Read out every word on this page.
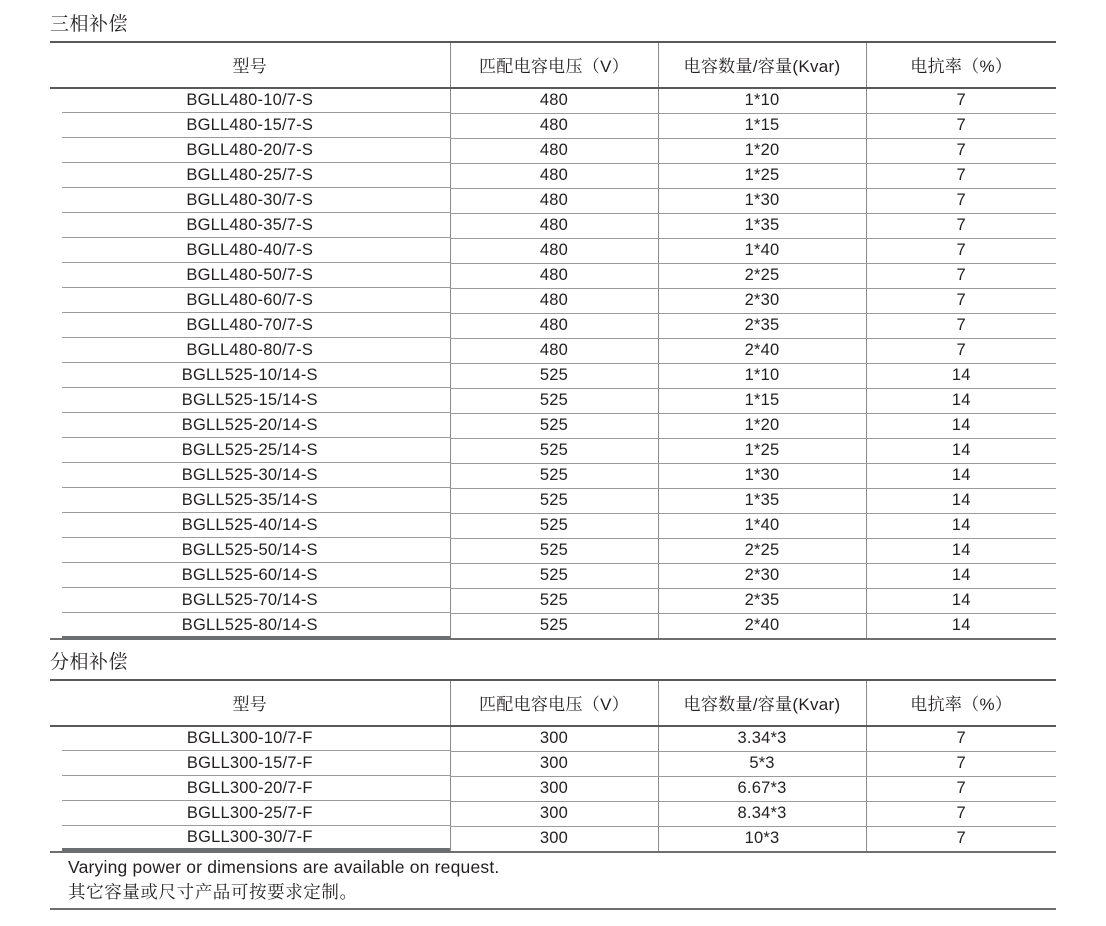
三相补偿
型号	匹配电容电压（V）	电容数量/容量(Kvar)	电抗率（%）
BGLL480-10/7-S	480	1*10	7
BGLL480-15/7-S	480	1*15	7
BGLL480-20/7-S	480	1*20	7
BGLL480-25/7-S	480	1*25	7
BGLL480-30/7-S	480	1*30	7
BGLL480-35/7-S	480	1*35	7
BGLL480-40/7-S	480	1*40	7
BGLL480-50/7-S	480	2*25	7
BGLL480-60/7-S	480	2*30	7
BGLL480-70/7-S	480	2*35	7
BGLL480-80/7-S	480	2*40	7
BGLL525-10/14-S	525	1*10	14
BGLL525-15/14-S	525	1*15	14
BGLL525-20/14-S	525	1*20	14
BGLL525-25/14-S	525	1*25	14
BGLL525-30/14-S	525	1*30	14
BGLL525-35/14-S	525	1*35	14
BGLL525-40/14-S	525	1*40	14
BGLL525-50/14-S	525	2*25	14
BGLL525-60/14-S	525	2*30	14
BGLL525-70/14-S	525	2*35	14
BGLL525-80/14-S	525	2*40	14
分相补偿
型号	匹配电容电压（V）	电容数量/容量(Kvar)	电抗率（%）
BGLL300-10/7-F	300	3.34*3	7
BGLL300-15/7-F	300	5*3	7
BGLL300-20/7-F	300	6.67*3	7
BGLL300-25/7-F	300	8.34*3	7
BGLL300-30/7-F	300	10*3	7
Varying power or dimensions are available on request.
其它容量或尺寸产品可按要求定制。
